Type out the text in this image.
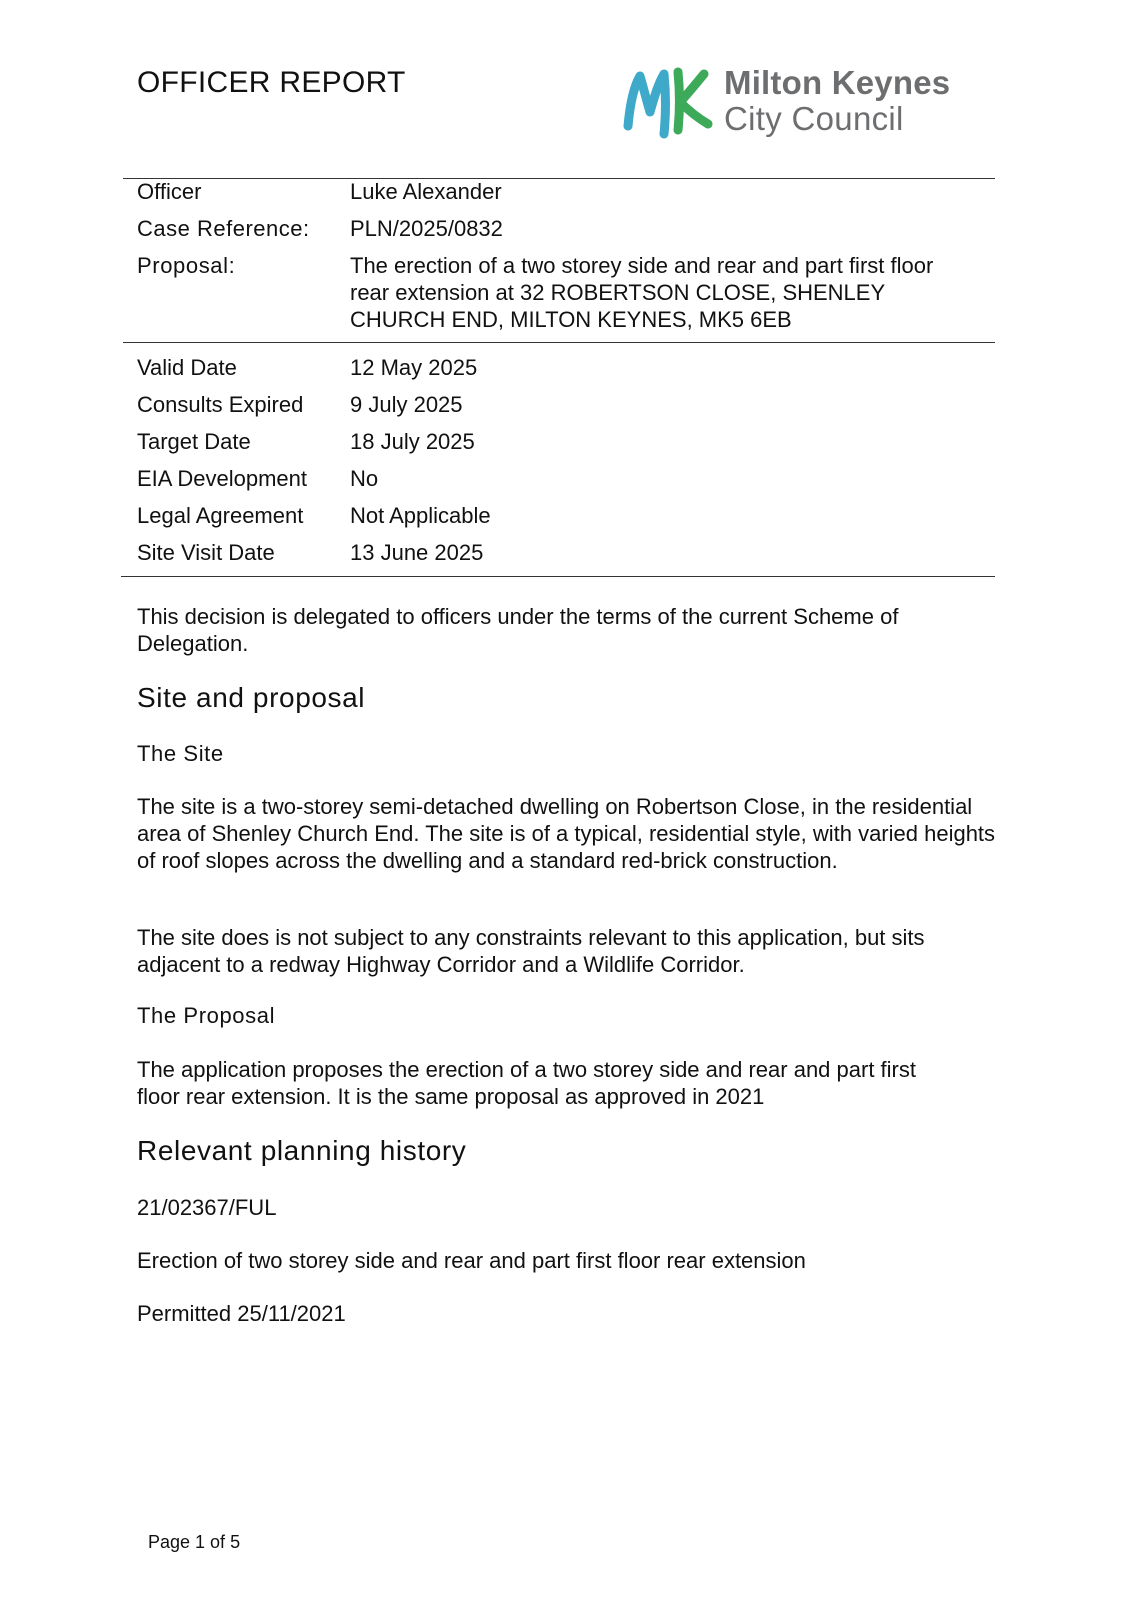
OFFICER REPORT	Milton Keynes
City Council
Officer	Luke Alexander
Case Reference: PLN/2025/0832
Proposal:	The erection of a two storey side and rear and part first floor rear extension at 32 ROBERTSON CLOSE, SHENLEY CHURCH END, MILTON KEYNES, MK5 6EB
Valid Date	12 May 2025
Consults Expired 9 July 2025
Target Date	18 July 2025
EIA Development No
Legal Agreement Not Applicable
Site Visit Date	13 June 2025

This decision is delegated to officers under the terms of the current Scheme of Delegation.

Site and proposal
The Site

The site is a two-storey semi-detached dwelling on Robertson Close, in the residential area of Shenley Church End. The site is of a typical, residential style, with varied heights of roof slopes across the dwelling and a standard red-brick construction.

The site does is not subject to any constraints relevant to this application, but sits adjacent to a redway Highway Corridor and a Wildlife Corridor.

The Proposal

The application proposes the erection of a two storey side and rear and part first floor rear extension. It is the same proposal as approved in 2021

Relevant planning history

21/02367/FUL

Erection of two storey side and rear and part first floor rear extension

Permitted 25/11/2021

Page 1 of 5
